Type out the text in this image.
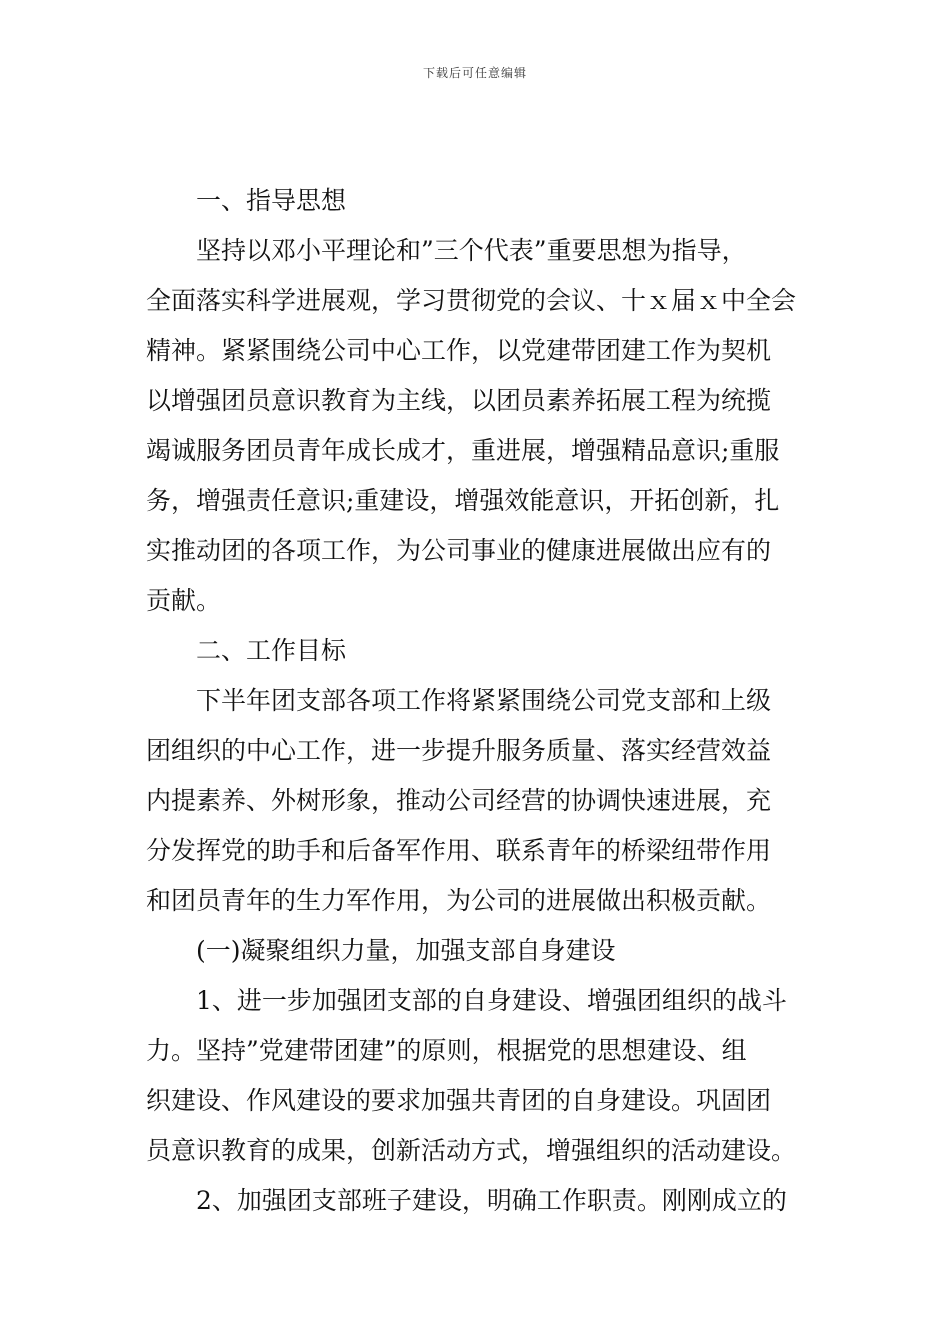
下载后可任意编辑
一、指导思想
坚持以邓小平理论和”三个代表”重要思想为指导，
全面落实科学进展观，学习贯彻党的会议、十ｘ届ｘ中全会
精神。紧紧围绕公司中心工作，以党建带团建工作为契机
以增强团员意识教育为主线，以团员素养拓展工程为统揽
竭诚服务团员青年成长成才，重进展，增强精品意识;重服
务，增强责任意识;重建设，增强效能意识，开拓创新，扎
实推动团的各项工作，为公司事业的健康进展做出应有的
贡献。
二、工作目标
下半年团支部各项工作将紧紧围绕公司党支部和上级
团组织的中心工作，进一步提升服务质量、落实经营效益
内提素养、外树形象，推动公司经营的协调快速进展，充
分发挥党的助手和后备军作用、联系青年的桥梁纽带作用
和团员青年的生力军作用，为公司的进展做出积极贡献。
(一)凝聚组织力量，加强支部自身建设
1、进一步加强团支部的自身建设、增强团组织的战斗
力。坚持”党建带团建”的原则，根据党的思想建设、组
织建设、作风建设的要求加强共青团的自身建设。巩固团
员意识教育的成果，创新活动方式，增强组织的活动建设。
2、加强团支部班子建设，明确工作职责。刚刚成立的
